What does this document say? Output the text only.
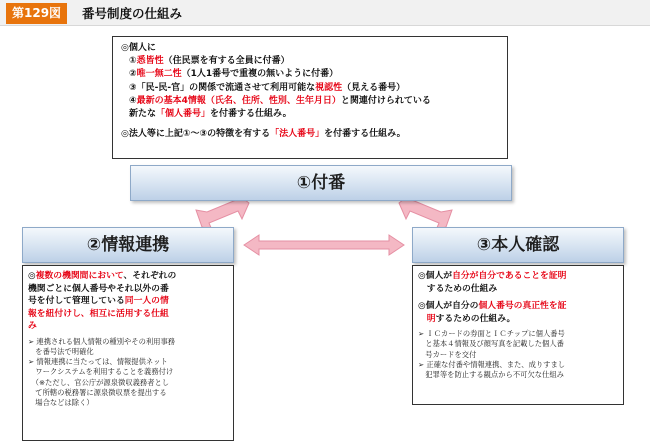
第129図	番号制度の仕組み
◎個人に
①悉皆性（住民票を有する全員に付番）
②唯一無二性（1人1番号で重複の無いように付番）
③「民-民-官」の関係で流通させて利用可能な視認性（見える番号）
④最新の基本4情報（氏名、住所、性別、生年月日）と関連付けられている
新たな「個人番号」を付番する仕組み。
◎法人等に上記①～③の特徴を有する「法人番号」を付番する仕組み。
①付番
②情報連携	③本人確認
◎複数の機関間において、それぞれの
機関ごとに個人番号やそれ以外の番
号を付して管理している同一人の情
報を紐付けし、相互に活用する仕組
み
➢ 連携される個人情報の種別やその利用事務
　を番号法で明確化
➢ 情報連携に当たっては、情報提供ネット
　ワークシステムを利用することを義務付け
　（※ただし、官公庁が源泉徴収義務者とし
　て所轄の税務署に源泉徴収票を提出する
　場合などは除く）
◎個人が自分が自分であることを証明
　するための仕組み
◎個人が自分の個人番号の真正性を証
　明するための仕組み。
➢ ＩＣカードの券面とＩＣチップに個人番号
　と基本４情報及び顔写真を記載した個人番
　号カードを交付
➢ 正確な付番や情報連携、また、成りすまし
　犯罪等を防止する観点から不可欠な仕組み
